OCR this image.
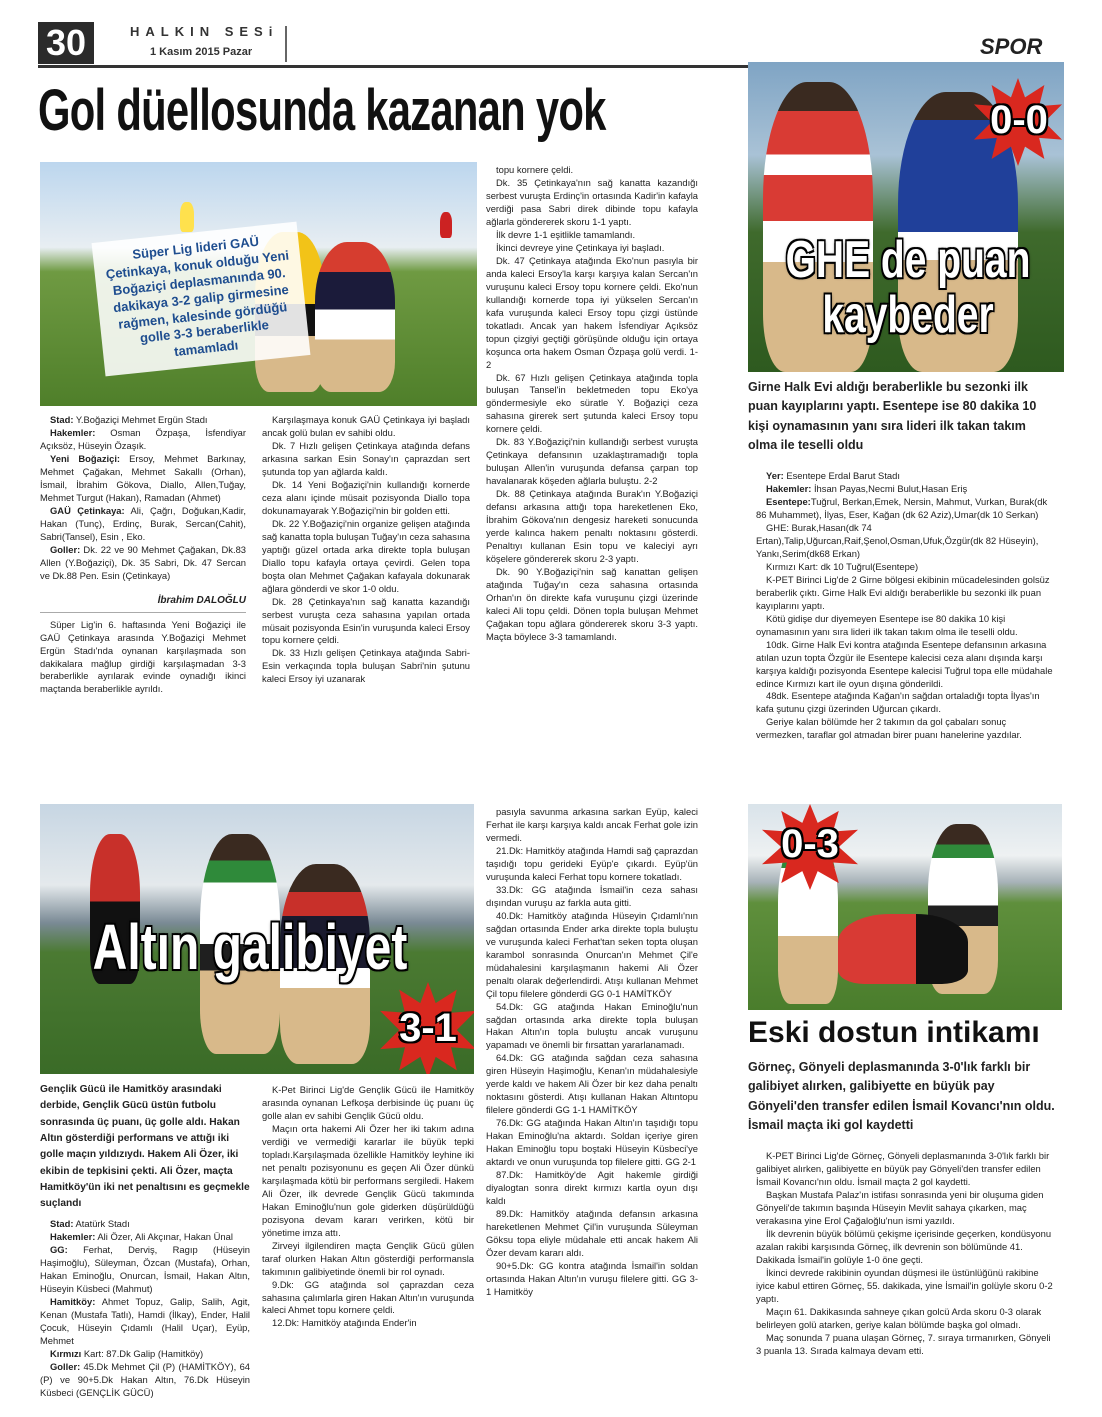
30	HALKIN SESi
1 Kasım 2015 Pazar	SPOR
Gol düellosunda kazanan yok
Süper Lig lideri GAÜ Çetinkaya, konuk olduğu Yeni Boğaziçi deplasmanında 90. dakikaya 3-2 galip girmesine rağmen, kalesinde gördüğü golle 3-3 beraberlikle tamamladı

Stad: Y.Boğaziçi Mehmet Ergün Stadı

Hakemler: Osman Özpaşa, İsfendiyar Açıksöz, Hüseyin Özaşık.

Yeni Boğaziçi: Ersoy, Mehmet Barkınay, Mehmet Çağakan, Mehmet Sakallı (Orhan), İsmail, İbrahim Gökova, Diallo, Allen,Tuğay, Mehmet Turgut (Hakan), Ramadan (Ahmet)

GAÜ Çetinkaya: Ali, Çağrı, Doğukan,Kadir, Hakan (Tunç), Erdinç, Burak, Sercan(Cahit), Sabri(Tansel), Esin , Eko.

Goller: Dk. 22 ve 90 Mehmet Çağakan, Dk.83 Allen (Y.Boğaziçi), Dk. 35 Sabri, Dk. 47 Sercan ve Dk.88 Pen. Esin (Çetinkaya)

İbrahim DALOĞLU

Süper Lig'in 6. haftasında Yeni Boğaziçi ile GAÜ Çetinkaya arasında Y.Boğaziçi Mehmet Ergün Stadı'nda oynanan karşılaşmada son dakikalara mağlup girdiği karşılaşmadan 3-3 beraberlikle ayrılarak evinde oynadığı ikinci maçtanda beraberlikle ayrıldı.

Karşılaşmaya konuk GAÜ Çetinkaya iyi başladı ancak golü bulan ev sahibi oldu.

Dk. 7 Hızlı gelişen Çetinkaya atağında defans arkasına sarkan Esin Sonay'ın çaprazdan sert şutunda top yan ağlarda kaldı.

Dk. 14 Yeni Boğaziçi'nin kullandığı kornerde ceza alanı içinde müsait pozisyonda Diallo topa dokunamayarak Y.Boğaziçi'nin bir golden etti.

Dk. 22 Y.Boğaziçi'nin organize gelişen atağında sağ kanatta topla buluşan Tuğay'ın ceza sahasına yaptığı güzel ortada arka direkte topla buluşan Diallo topu kafayla ortaya çevirdi. Gelen topa boşta olan Mehmet Çağakan kafayala dokunarak ağlara gönderdi ve skor 1-0 oldu.

Dk. 28 Çetinkaya'nın sağ kanatta kazandığı serbest vuruşta ceza sahasına yapılan ortada müsait pozisyonda Esin'in vuruşunda kaleci Ersoy topu kornere çeldi.

Dk. 33 Hızlı gelişen Çetinkaya atağında Sabri-Esin verkaçında topla buluşan Sabri'nin şutunu kaleci Ersoy iyi uzanarak

topu kornere çeldi.

Dk. 35 Çetinkaya'nın sağ kanatta kazandığı serbest vuruşta Erdinç'in ortasında Kadir'in kafayla verdiği pasa Sabri direk dibinde topu kafayla ağlarla göndererek skoru 1-1 yaptı.

İlk devre 1-1 eşitlikle tamamlandı.

İkinci devreye yine Çetinkaya iyi başladı.

Dk. 47 Çetinkaya atağında Eko'nun pasıyla bir anda kaleci Ersoy'la karşı karşıya kalan Sercan'ın vuruşunu kaleci Ersoy topu kornere çeldi. Eko'nun kullandığı kornerde topa iyi yükselen Sercan'ın kafa vuruşunda kaleci Ersoy topu çizgi üstünde tokatladı. Ancak yan hakem İsfendiyar Açıksöz topun çizgiyi geçtiği görüşünde olduğu için ortaya koşunca orta hakem Osman Özpaşa golü verdi. 1-2

Dk. 67 Hızlı gelişen Çetinkaya atağında topla buluşan Tansel'in bekletmeden topu Eko'ya göndermesiyle eko süratle Y. Boğaziçi ceza sahasına girerek sert şutunda kaleci Ersoy topu kornere çeldi.

Dk. 83 Y.Boğaziçi'nin kullandığı serbest vuruşta Çetinkaya defansının uzaklaştıramadığı topla buluşan Allen'in vuruşunda defansa çarpan top havalanarak köşeden ağlarla buluştu. 2-2

Dk. 88 Çetinkaya atağında Burak'ın Y.Boğaziçi defansı arkasına attığı topa hareketlenen Eko, İbrahim Gökova'nın dengesiz hareketi sonucunda yerde kalınca hakem penaltı noktasını gösterdi. Penaltıyı kullanan Esin topu ve kaleciyi ayrı köşelere göndererek skoru 2-3 yaptı.

Dk. 90 Y.Boğaziçi'nin sağ kanattan gelişen atağında Tuğay'ın ceza sahasına ortasında Orhan'ın ön direkte kafa vuruşunu çizgi üzerinde kaleci Ali topu çeldi. Dönen topla buluşan Mehmet Çağakan topu ağlara göndererek skoru 3-3 yaptı. Maçta böylece 3-3 tamamlandı.

0-0
GHE de puan
kaybeder
Girne Halk Evi aldığı beraberlikle bu sezonki ilk puan kayıplarını yaptı. Esentepe ise 80 dakika 10 kişi oynamasının yanı sıra lideri ilk takan takım olma ile teselli oldu

Yer: Esentepe Erdal Barut Stadı

Hakemler: İhsan Payas,Necmi Bulut,Hasan Eriş

Esentepe:Tuğrul, Berkan,Emek, Nersin, Mahmut, Vurkan, Burak(dk 86 Muhammet), İlyas, Eser, Kağan (dk 62 Aziz),Umar(dk 10 Serkan)

GHE: Burak,Hasan(dk 74 Ertan),Talip,Uğurcan,Raif,Şenol,Osman,Ufuk,Özgür(dk 82 Hüseyin), Yankı,Serim(dk68 Erkan)

Kırmızı Kart: dk 10 Tuğrul(Esentepe)

K-PET Birinci Lig'de 2 Girne bölgesi ekibinin mücadelesinden golsüz beraberlik çıktı. Girne Halk Evi aldığı beraberlikle bu sezonki ilk puan kayıplarını yaptı.

Kötü gidişe dur diyemeyen Esentepe ise 80 dakika 10 kişi oynamasının yanı sıra lideri ilk takan takım olma ile teselli oldu.

10dk. Girne Halk Evi kontra atağında Esentepe defansının arkasına atılan uzun topta Özgür ile Esentepe kalecisi ceza alanı dışında karşı karşıya kaldığı pozisyonda Esentepe kalecisi Tuğrul topa elle müdahale edince Kırmızı kart ile oyun dışına gönderildi.

48dk. Esentepe atağında Kağan'ın sağdan ortaladığı topta İlyas'ın kafa şutunu çizgi üzerinden Uğurcan çıkardı.

Geriye kalan bölümde her 2 takımın da gol çabaları sonuç vermezken, taraflar gol atmadan birer puanı hanelerine yazdılar.

Altın galibiyet
3-1
Gençlik Gücü ile Hamitköy arasındaki derbide, Gençlik Gücü üstün futbolu sonrasında üç puanı, üç golle aldı. Hakan Altın gösterdiği performans ve attığı iki golle maçın yıldızıydı. Hakem Ali Özer, iki ekibin de tepkisini çekti. Ali Özer, maçta Hamitköy'ün iki net penaltısını es geçmekle suçlandı

Stad: Atatürk Stadı

Hakemler: Ali Özer, Ali Akçınar, Hakan Ünal

GG: Ferhat, Derviş, Ragıp (Hüseyin Haşimoğlu), Süleyman, Özcan (Mustafa), Orhan, Hakan Eminoğlu, Onurcan, İsmail, Hakan Altın, Hüseyin Küsbeci (Mahmut)

Hamitköy: Ahmet Topuz, Galip, Salih, Agit, Kenan (Mustafa Tatlı), Hamdi (İlkay), Ender, Halil Çocuk, Hüseyin Çıdamlı (Halil Uçar), Eyüp, Mehmet

Kırmızı Kart: 87.Dk Galip (Hamitköy)

Goller: 45.Dk Mehmet Çil (P) (HAMİTKÖY), 64 (P) ve 90+5.Dk Hakan Altın, 76.Dk Hüseyin Küsbeci (GENÇLİK GÜCÜ)

K-Pet Birinci Lig'de Gençlik Gücü ile Hamitköy arasında oynanan Lefkoşa derbisinde üç puanı üç golle alan ev sahibi Gençlik Gücü oldu.

Maçın orta hakemi Ali Özer her iki takım adına verdiği ve vermediği kararlar ile büyük tepki topladı.Karşılaşmada özellikle Hamitköy leyhine iki net penaltı pozisyonunu es geçen Ali Özer dünkü karşılaşmada kötü bir performans sergiledi. Hakem Ali Özer, ilk devrede Gençlik Gücü takımında Hakan Eminoğlu'nun gole giderken düşürüldüğü pozisyona devam kararı verirken, kötü bir yönetime imza attı.

Zirveyi ilgilendiren maçta Gençlik Gücü gülen taraf olurken Hakan Altın gösterdiği performansla takımının galibiyetinde önemli bir rol oynadı.

9.Dk: GG atağında sol çaprazdan ceza sahasına çalımlarla giren Hakan Altın'ın vuruşunda kaleci Ahmet topu kornere çeldi.

12.Dk: Hamitköy atağında Ender'in

pasıyla savunma arkasına sarkan Eyüp, kaleci Ferhat ile karşı karşıya kaldı ancak Ferhat gole izin vermedi.

21.Dk: Hamitköy atağında Hamdi sağ çaprazdan taşıdığı topu gerideki Eyüp'e çıkardı. Eyüp'ün vuruşunda kaleci Ferhat topu kornere tokatladı.

33.Dk: GG atağında İsmail'in ceza sahası dışından vuruşu az farkla auta gitti.

40.Dk: Hamitköy atağında Hüseyin Çıdamlı'nın sağdan ortasında Ender arka direkte topla buluştu ve vuruşunda kaleci Ferhat'tan seken topta oluşan karambol sonrasında Onurcan'ın Mehmet Çil'e müdahalesini karşılaşmanın hakemi Ali Özer penaltı olarak değerlendirdi. Atışı kullanan Mehmet Çil topu filelere gönderdi GG 0-1 HAMİTKÖY

54.Dk: GG atağında Hakan Eminoğlu'nun sağdan ortasında arka direkte topla buluşan Hakan Altın'ın topla buluştu ancak vuruşunu yapamadı ve önemli bir fırsattan yararlanamadı.

64.Dk: GG atağında sağdan ceza sahasına giren Hüseyin Haşimoğlu, Kenan'ın müdahalesiyle yerde kaldı ve hakem Ali Özer bir kez daha penaltı noktasını gösterdi. Atışı kullanan Hakan Altıntopu filelere gönderdi GG 1-1 HAMİTKÖY

76.Dk: GG atağında Hakan Altın'ın taşıdığı topu Hakan Eminoğlu'na aktardı. Soldan içeriye giren Hakan Eminoğlu topu boştaki Hüseyin Küsbeci'ye aktardı ve onun vuruşunda top filelere gitti. GG 2-1

87.Dk: Hamitköy'de Agit hakemle girdiği diyalogtan sonra direkt kırmızı kartla oyun dışı kaldı

89.Dk: Hamitköy atağında defansın arkasına hareketlenen Mehmet Çil'in vuruşunda Süleyman Göksu topa eliyle müdahale etti ancak hakem Ali Özer devam kararı aldı.

90+5.Dk: GG kontra atağında İsmail'in soldan ortasında Hakan Altın'ın vuruşu filelere gitti. GG 3-1 Hamitköy

0-3
Eski dostun intikamı
Görneç, Gönyeli deplasmanında 3-0'lık farklı bir galibiyet alırken, galibiyette en büyük pay Gönyeli'den transfer edilen İsmail Kovancı'nın oldu. İsmail maçta iki gol kaydetti

K-PET Birinci Lig'de Görneç, Gönyeli deplasmanında 3-0'lık farklı bir galibiyet alırken, galibiyette en büyük pay Gönyeli'den transfer edilen İsmail Kovancı'nın oldu. İsmail maçta 2 gol kaydetti.

Başkan Mustafa Palaz'ın istifası sonrasında yeni bir oluşuma giden Gönyeli'de takımın başında Hüseyin Mevlit sahaya çıkarken, maç verakasına yine Erol Çağaloğlu'nun ismi yazıldı.

İlk devrenin büyük bölümü çekişme içerisinde geçerken, kondüsyonu azalan rakibi karşısında Görneç, ilk devrenin son bölümünde 41. Dakikada İsmail'in golüyle 1-0 öne geçti.

İkinci devrede rakibinin oyundan düşmesi ile üstünlüğünü rakibine iyice kabul ettiren Görneç, 55. dakikada, yine İsmail'in golüyle skoru 0-2 yaptı.

Maçın 61. Dakikasında sahneye çıkan golcü Arda skoru 0-3 olarak belirleyen golü atarken, geriye kalan bölümde başka gol olmadı.

Maç sonunda 7 puana ulaşan Görneç, 7. sıraya tırmanırken, Gönyeli 3 puanla 13. Sırada kalmaya devam etti.
